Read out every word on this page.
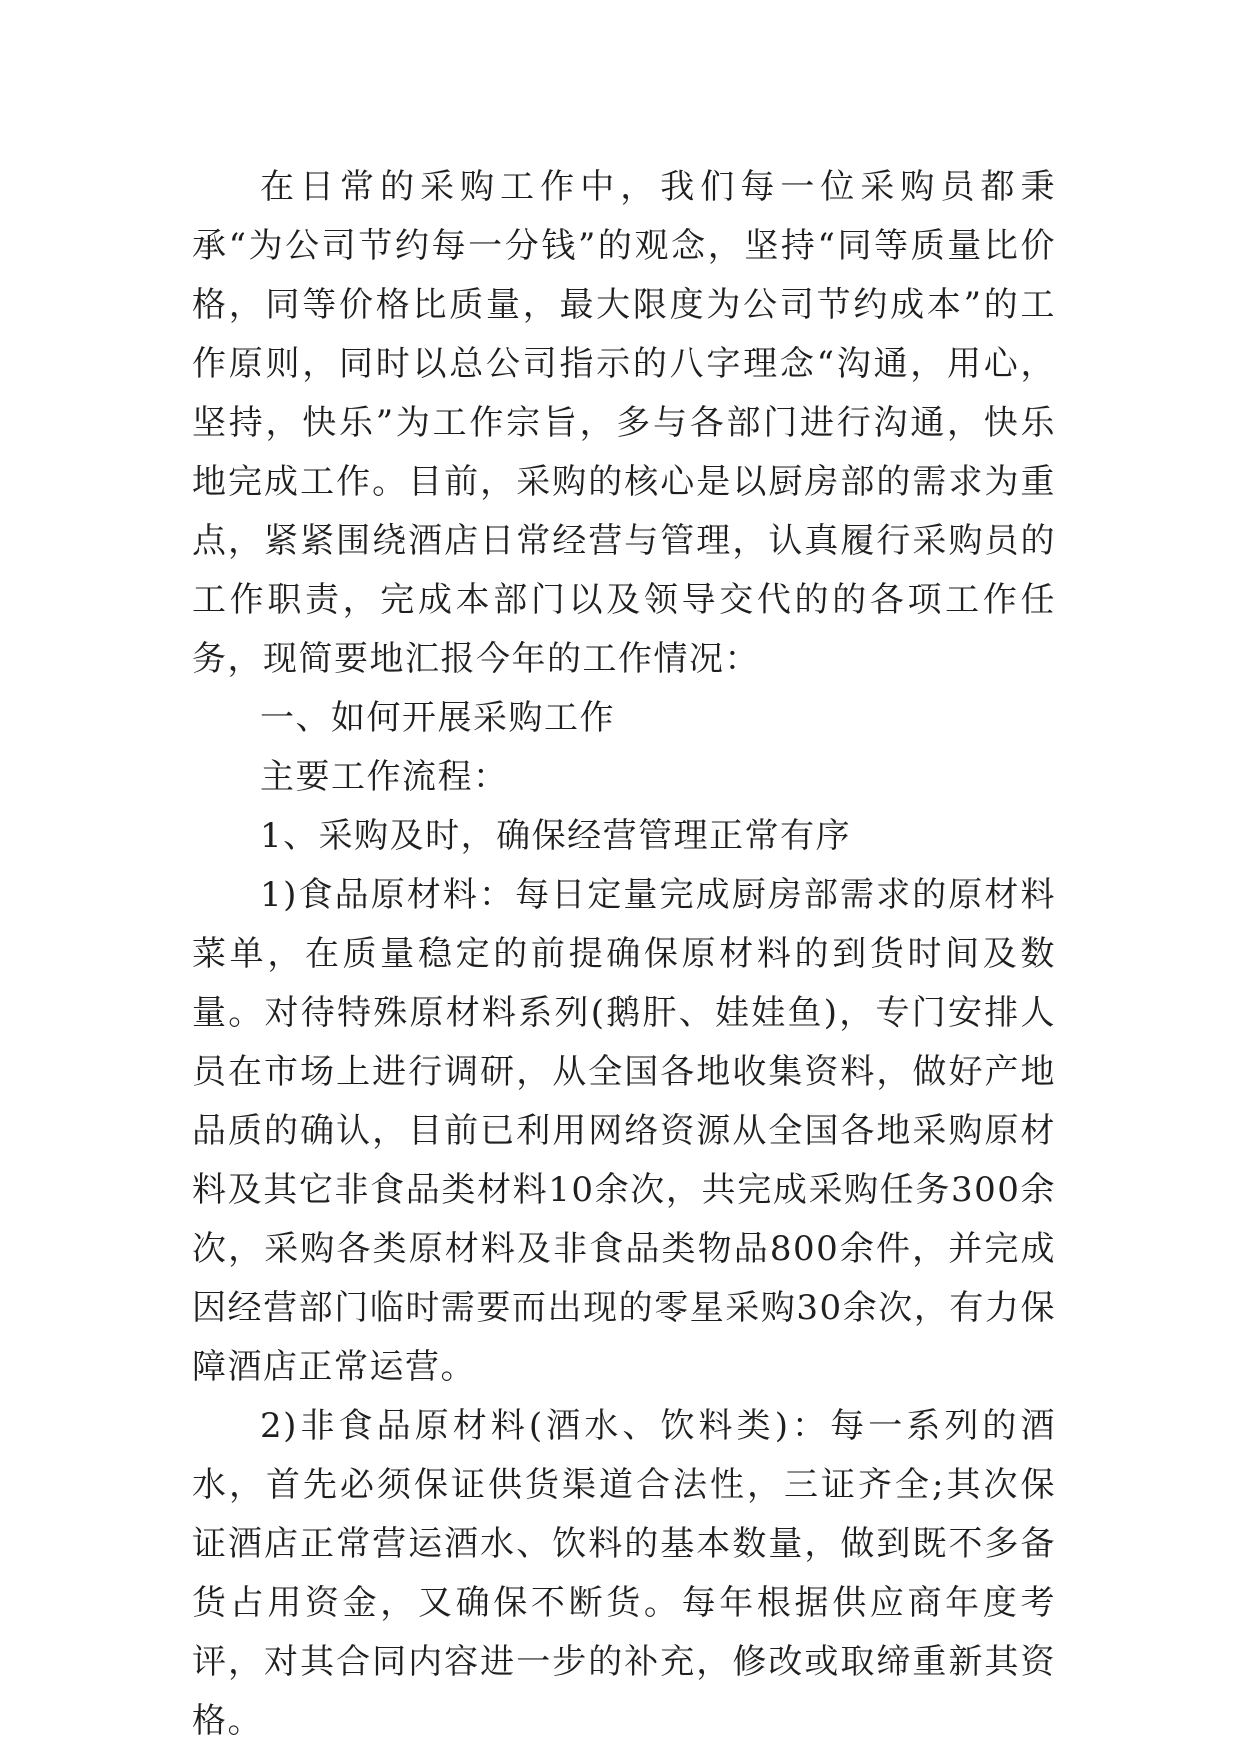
在日常的采购工作中，我们每一位采购员都秉承“为公司节约每一分钱”的观念，坚持“同等质量比价格，同等价格比质量，最大限度为公司节约成本”的工作原则，同时以总公司指示的八字理念“沟通，用心，坚持，快乐”为工作宗旨，多与各部门进行沟通，快乐地完成工作。目前，采购的核心是以厨房部的需求为重点，紧紧围绕酒店日常经营与管理，认真履行采购员的工作职责，完成本部门以及领导交代的的各项工作任务，现简要地汇报今年的工作情况：

一、如何开展采购工作

主要工作流程：

1、采购及时，确保经营管理正常有序

1)食品原材料：每日定量完成厨房部需求的原材料菜单，在质量稳定的前提确保原材料的到货时间及数量。对待特殊原材料系列(鹅肝、娃娃鱼)，专门安排人员在市场上进行调研，从全国各地收集资料，做好产地品质的确认，目前已利用网络资源从全国各地采购原材料及其它非食品类材料10余次，共完成采购任务300余次，采购各类原材料及非食品类物品800余件，并完成因经营部门临时需要而出现的零星采购30余次，有力保障酒店正常运营。

2)非食品原材料(酒水、饮料类)：每一系列的酒水，首先必须保证供货渠道合法性，三证齐全;其次保证酒店正常营运酒水、饮料的基本数量，做到既不多备货占用资金，又确保不断货。每年根据供应商年度考评，对其合同内容进一步的补充，修改或取缔重新其资格。
